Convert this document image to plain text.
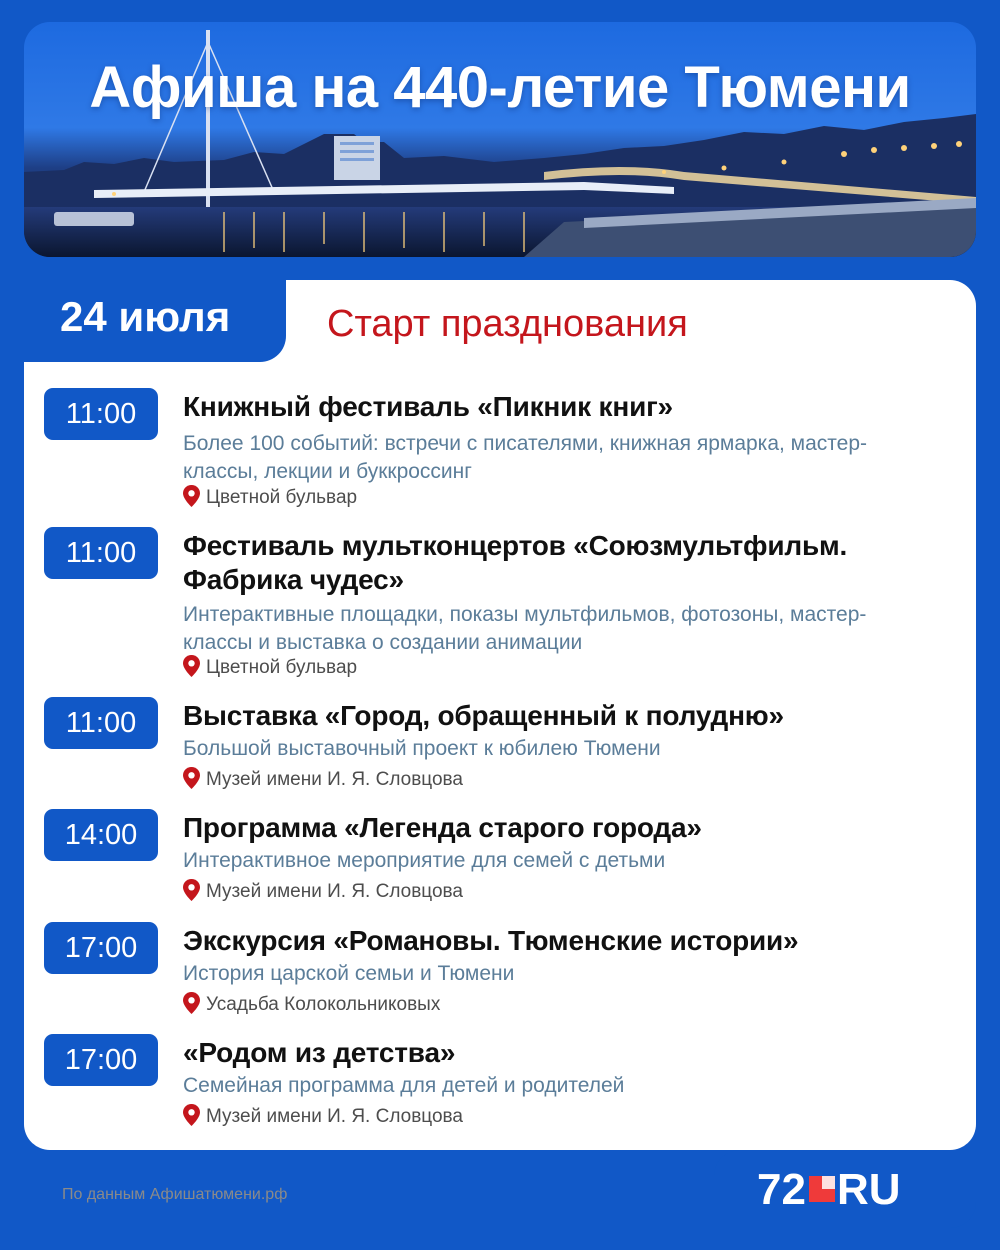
Афиша на 440-летие Тюмени
24 июля	Старт празднования
11:00	Книжный фестиваль «Пикник книг»
Более 100 событий: встречи с писателями, книжная ярмарка, мастер-классы, лекции и буккроссинг
Цветной бульвар
11:00	Фестиваль мультконцертов «Союзмультфильм. Фабрика чудес»
Интерактивные площадки, показы мультфильмов, фотозоны, мастер-классы и выставка о создании анимации
Цветной бульвар
11:00	Выставка «Город, обращенный к полудню»
Большой выставочный проект к юбилею Тюмени
Музей имени И. Я. Словцова
14:00	Программа «Легенда старого города»
Интерактивное мероприятие для семей с детьми
Музей имени И. Я. Словцова
17:00	Экскурсия «Романовы. Тюменские истории»
История царской семьи и Тюмени
Усадьба Колокольниковых
17:00	«Родом из детства»
Семейная программа для детей и родителей
Музей имени И. Я. Словцова
По данным Афишатюмени.рф	72 RU
